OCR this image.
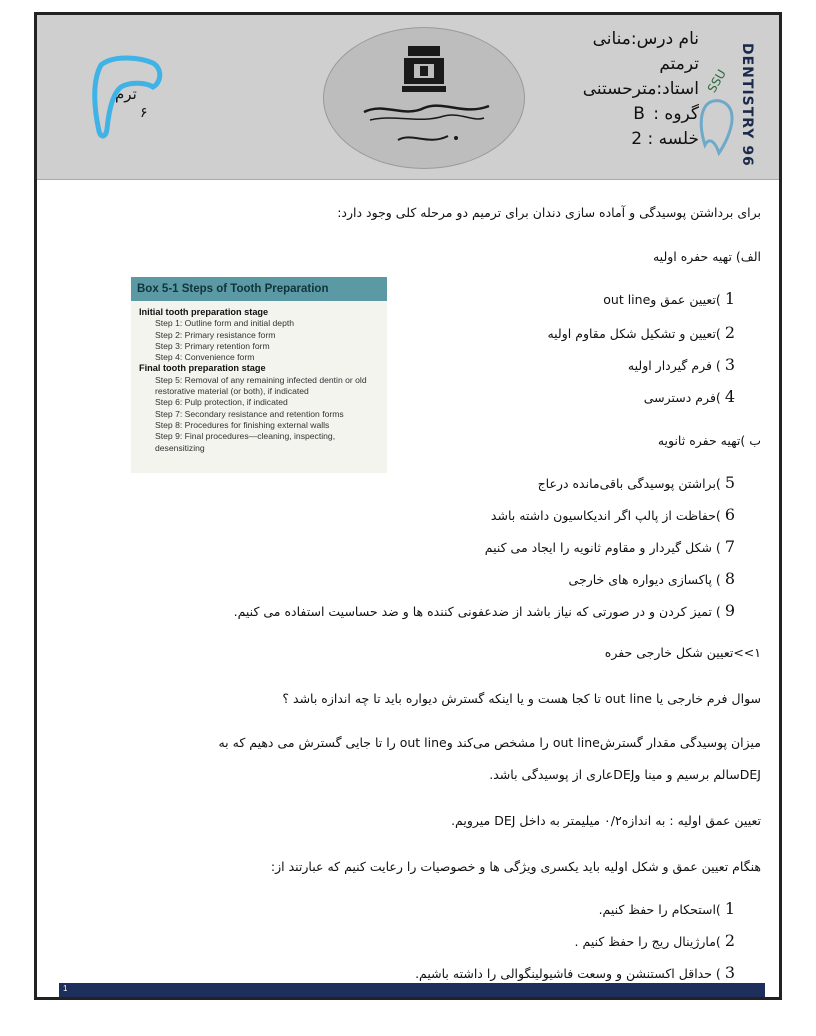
ترم
۶
نام درس:منانی
ترمتم
استاد:مترحستنی
گروه : B
خلسه : 2
SSU DENTISTRY 96
برای برداشتن پوسیدگی و آماده سازی دندان برای ترمیم دو مرحله کلی وجود دارد:
الف) تهیه حفره اولیه
1)تعیین عمق وout line
2)تعیین و تشکیل شکل مقاوم اولیه
3) فرم گیردار اولیه
4)فرم دسترسی
ب )تهیه حفره ثانویه
5)براشتن پوسیدگی باقی‌مانده درعاج
6)حفاظت از پالپ اگر اندیکاسیون داشته باشد
7) شکل گیردار و مقاوم ثانویه را ایجاد می کنیم
8) پاکسازی دیواره های خارجی
9) تمیز کردن و در صورتی که نیاز باشد از ضدعفونی کننده ها و ضد حساسیت استفاده می کنیم.
۱>>تعیین شکل خارجی حفره
سوال فرم خارجی یا out line تا کجا هست و یا اینکه گسترش دیواره باید تا چه اندازه باشد ؟
میزان پوسیدگی مقدار گسترشout line را مشخص می‌کند وout line را تا جایی گسترش می دهیم که به
DEJسالم برسیم و مینا وDEJعاری از پوسیدگی باشد.
تعیین عمق اولیه : به اندازه۰/۲ میلیمتر به داخل DEJ میرویم.
هنگام تعیین عمق و شکل اولیه باید یکسری ویژگی ها و خصوصیات را رعایت کنیم که عبارتند از:
1)استحکام را حفظ کنیم.
2)مارژینال ریج را حفظ کنیم .
3) حداقل اکستنشن و وسعت فاشیولینگوالی را داشته باشیم.
Box 5-1 Steps of Tooth Preparation
Initial tooth preparation stage
Step 1: Outline form and initial depth
Step 2: Primary resistance form
Step 3: Primary retention form
Step 4: Convenience form
Final tooth preparation stage
Step 5: Removal of any remaining infected dentin or old
restorative material (or both), if indicated
Step 6: Pulp protection, if indicated
Step 7: Secondary resistance and retention forms
Step 8: Procedures for finishing external walls
Step 9: Final procedures—cleaning, inspecting,
desensitizing
1
